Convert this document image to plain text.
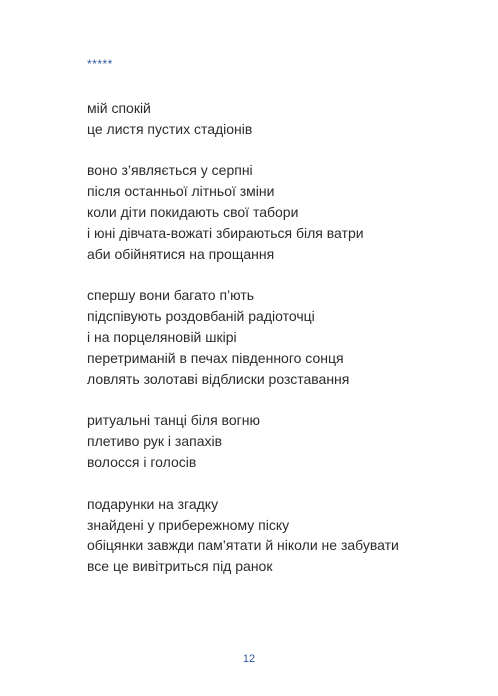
*****
мій спокій
це листя пустих стадіонів
воно з’являється у серпні
після останньої літньої зміни
коли діти покидають свої табори
і юні дівчата-вожаті збираються біля ватри
аби обійнятися на прощання
спершу вони багато п’ють
підспівують роздовбаній радіоточці
і на порцеляновій шкірі
перетриманій в печах південного сонця
ловлять золотаві відблиски розставання
ритуальні танці біля вогню
плетиво рук і запахів
волосся і голосів
подарунки на згадку
знайдені у прибережному піску
обіцянки завжди пам’ятати й ніколи не забувати
все це вивітриться під ранок
12
